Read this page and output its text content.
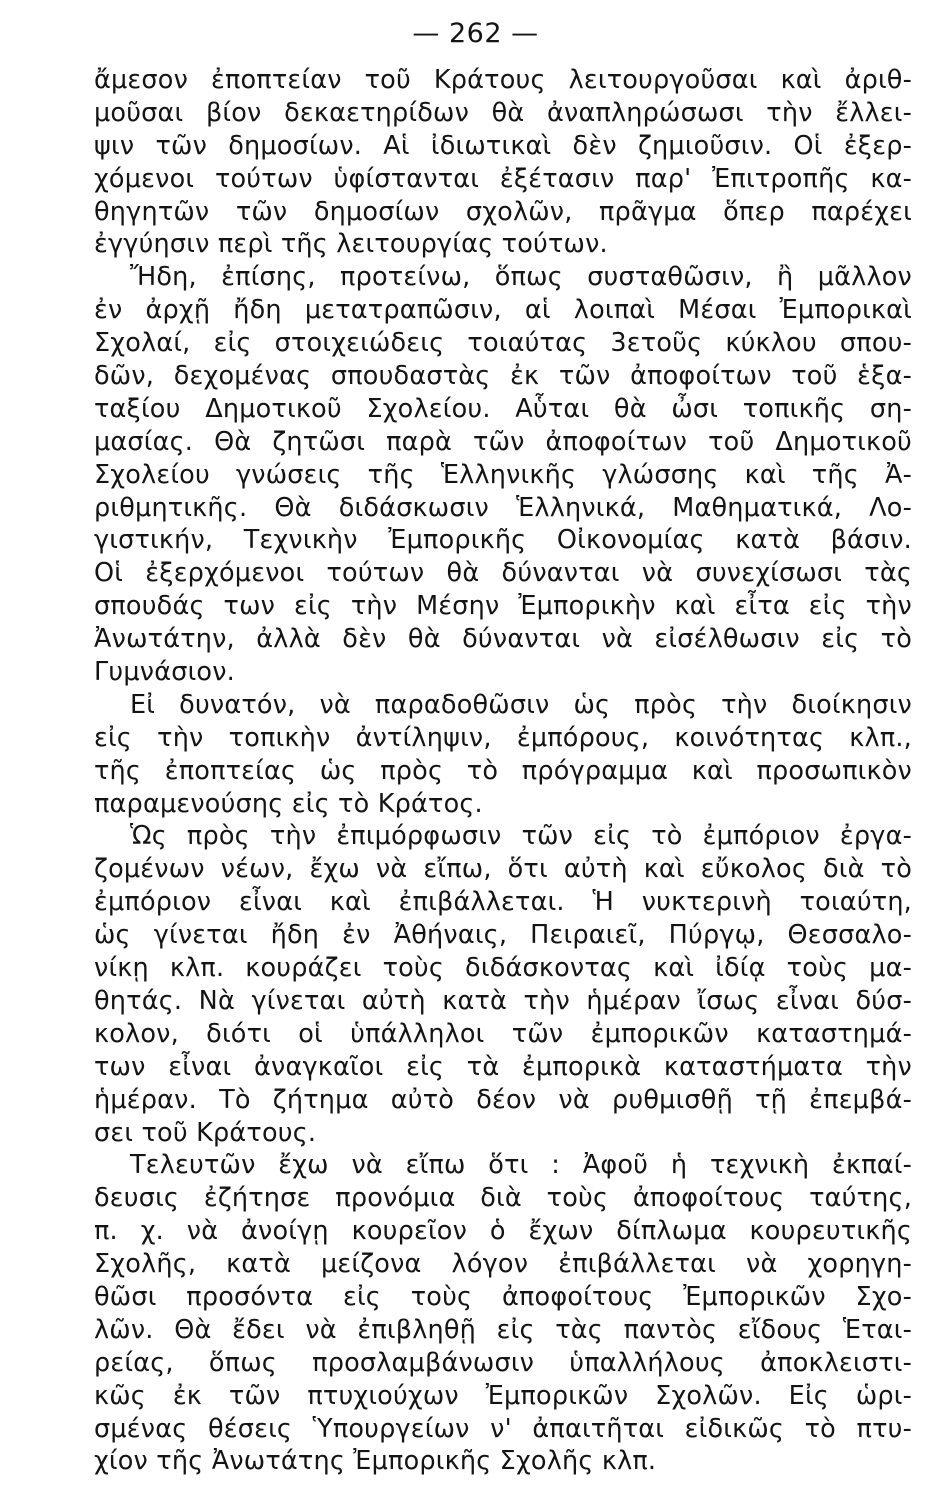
— 262 —
ἄμεσον ἐποπτείαν τοῦ Κράτους λειτουργοῦσαι καὶ ἀριθ-
μοῦσαι βίον δεκαετηρίδων θὰ ἀναπληρώσωσι τὴν ἔλλει-
ψιν τῶν δημοσίων. Αἱ ἰδιωτικαὶ δὲν ζημιοῦσιν. Οἱ ἐξερ-
χόμενοι τούτων ὑφίστανται ἐξέτασιν παρ' Ἐπιτροπῆς κα-
θηγητῶν τῶν δημοσίων σχολῶν, πρᾶγμα ὅπερ παρέχει
ἐγγύησιν περὶ τῆς λειτουργίας τούτων.
Ἤδη, ἐπίσης, προτείνω, ὅπως συσταθῶσιν, ἢ μᾶλλον
ἐν ἀρχῇ ἤδη μετατραπῶσιν, αἱ λοιπαὶ Μέσαι Ἐμπορικαὶ
Σχολαί, εἰς στοιχειώδεις τοιαύτας 3ετοῦς κύκλου σπου-
δῶν, δεχομένας σπουδαστὰς ἐκ τῶν ἀποφοίτων τοῦ ἑξα-
ταξίου Δημοτικοῦ Σχολείου. Αὗται θὰ ὦσι τοπικῆς ση-
μασίας. Θὰ ζητῶσι παρὰ τῶν ἀποφοίτων τοῦ Δημοτικοῦ
Σχολείου γνώσεις τῆς Ἑλληνικῆς γλώσσης καὶ τῆς Ἀ-
ριθμητικῆς. Θὰ διδάσκωσιν Ἑλληνικά, Μαθηματικά, Λο-
γιστικήν, Τεχνικὴν Ἐμπορικῆς Οἰκονομίας κατὰ βάσιν.
Οἱ ἐξερχόμενοι τούτων θὰ δύνανται νὰ συνεχίσωσι τὰς
σπουδάς των εἰς τὴν Μέσην Ἐμπορικὴν καὶ εἶτα εἰς τὴν
Ἀνωτάτην, ἀλλὰ δὲν θὰ δύνανται νὰ εἰσέλθωσιν εἰς τὸ
Γυμνάσιον.
Εἰ δυνατόν, νὰ παραδοθῶσιν ὡς πρὸς τὴν διοίκησιν
εἰς τὴν τοπικὴν ἀντίληψιν, ἐμπόρους, κοινότητας κλπ.,
τῆς ἐποπτείας ὡς πρὸς τὸ πρόγραμμα καὶ προσωπικὸν
παραμενούσης εἰς τὸ Κράτος.
Ὡς πρὸς τὴν ἐπιμόρφωσιν τῶν εἰς τὸ ἐμπόριον ἐργα-
ζομένων νέων, ἔχω νὰ εἴπω, ὅτι αὐτὴ καὶ εὔκολος διὰ τὸ
ἐμπόριον εἶναι καὶ ἐπιβάλλεται. Ἡ νυκτερινὴ τοιαύτη,
ὡς γίνεται ἤδη ἐν Ἀθήναις, Πειραιεῖ, Πύργῳ, Θεσσαλο-
νίκῃ κλπ. κουράζει τοὺς διδάσκοντας καὶ ἰδίᾳ τοὺς μα-
θητάς. Νὰ γίνεται αὐτὴ κατὰ τὴν ἡμέραν ἴσως εἶναι δύσ-
κολον, διότι οἱ ὑπάλληλοι τῶν ἐμπορικῶν καταστημά-
των εἶναι ἀναγκαῖοι εἰς τὰ ἐμπορικὰ καταστήματα τὴν
ἡμέραν. Τὸ ζήτημα αὐτὸ δέον νὰ ρυθμισθῇ τῇ ἐπεμβά-
σει τοῦ Κράτους.
Τελευτῶν ἔχω νὰ εἴπω ὅτι : Ἀφοῦ ἡ τεχνικὴ ἐκπαί-
δευσις ἐζήτησε προνόμια διὰ τοὺς ἀποφοίτους ταύτης,
π. χ. νὰ ἀνοίγῃ κουρεῖον ὁ ἔχων δίπλωμα κουρευτικῆς
Σχολῆς, κατὰ μείζονα λόγον ἐπιβάλλεται νὰ χορηγη-
θῶσι προσόντα εἰς τοὺς ἀποφοίτους Ἐμπορικῶν Σχο-
λῶν. Θὰ ἔδει νὰ ἐπιβληθῇ εἰς τὰς παντὸς εἴδους Ἑται-
ρείας, ὅπως προσλαμβάνωσιν ὑπαλλήλους ἀποκλειστι-
κῶς ἐκ τῶν πτυχιούχων Ἐμπορικῶν Σχολῶν. Εἰς ὡρι-
σμένας θέσεις Ὑπουργείων ν' ἀπαιτῆται εἰδικῶς τὸ πτυ-
χίον τῆς Ἀνωτάτης Ἐμπορικῆς Σχολῆς κλπ.
